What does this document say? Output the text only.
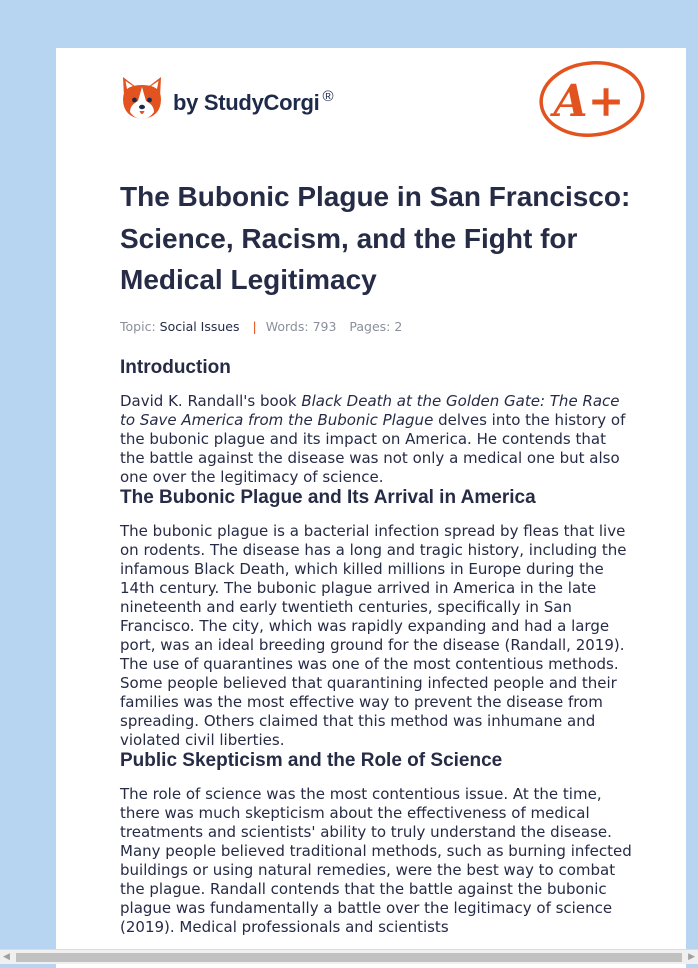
by StudyCorgi ®	A+
The Bubonic Plague in San Francisco: Science, Racism, and the Fight for Medical Legitimacy
Topic: Social Issues | Words: 793 Pages: 2
Introduction

David K. Randall's book Black Death at the Golden Gate: The Race to Save America from the Bubonic Plague delves into the history of the bubonic plague and its impact on America. He contends that the battle against the disease was not only a medical one but also one over the legitimacy of science.

The Bubonic Plague and Its Arrival in America

The bubonic plague is a bacterial infection spread by fleas that live on rodents. The disease has a long and tragic history, including the infamous Black Death, which killed millions in Europe during the 14th century. The bubonic plague arrived in America in the late nineteenth and early twentieth centuries, specifically in San Francisco. The city, which was rapidly expanding and had a large port, was an ideal breeding ground for the disease (Randall, 2019). The use of quarantines was one of the most contentious methods. Some people believed that quarantining infected people and their families was the most effective way to prevent the disease from spreading. Others claimed that this method was inhumane and violated civil liberties.

Public Skepticism and the Role of Science

The role of science was the most contentious issue. At the time, there was much skepticism about the effectiveness of medical treatments and scientists' ability to truly understand the disease. Many people believed traditional methods, such as burning infected buildings or using natural remedies, were the best way to combat the plague. Randall contends that the battle against the bubonic plague was fundamentally a battle over the legitimacy of science (2019). Medical professionals and scientists

◀	▶
